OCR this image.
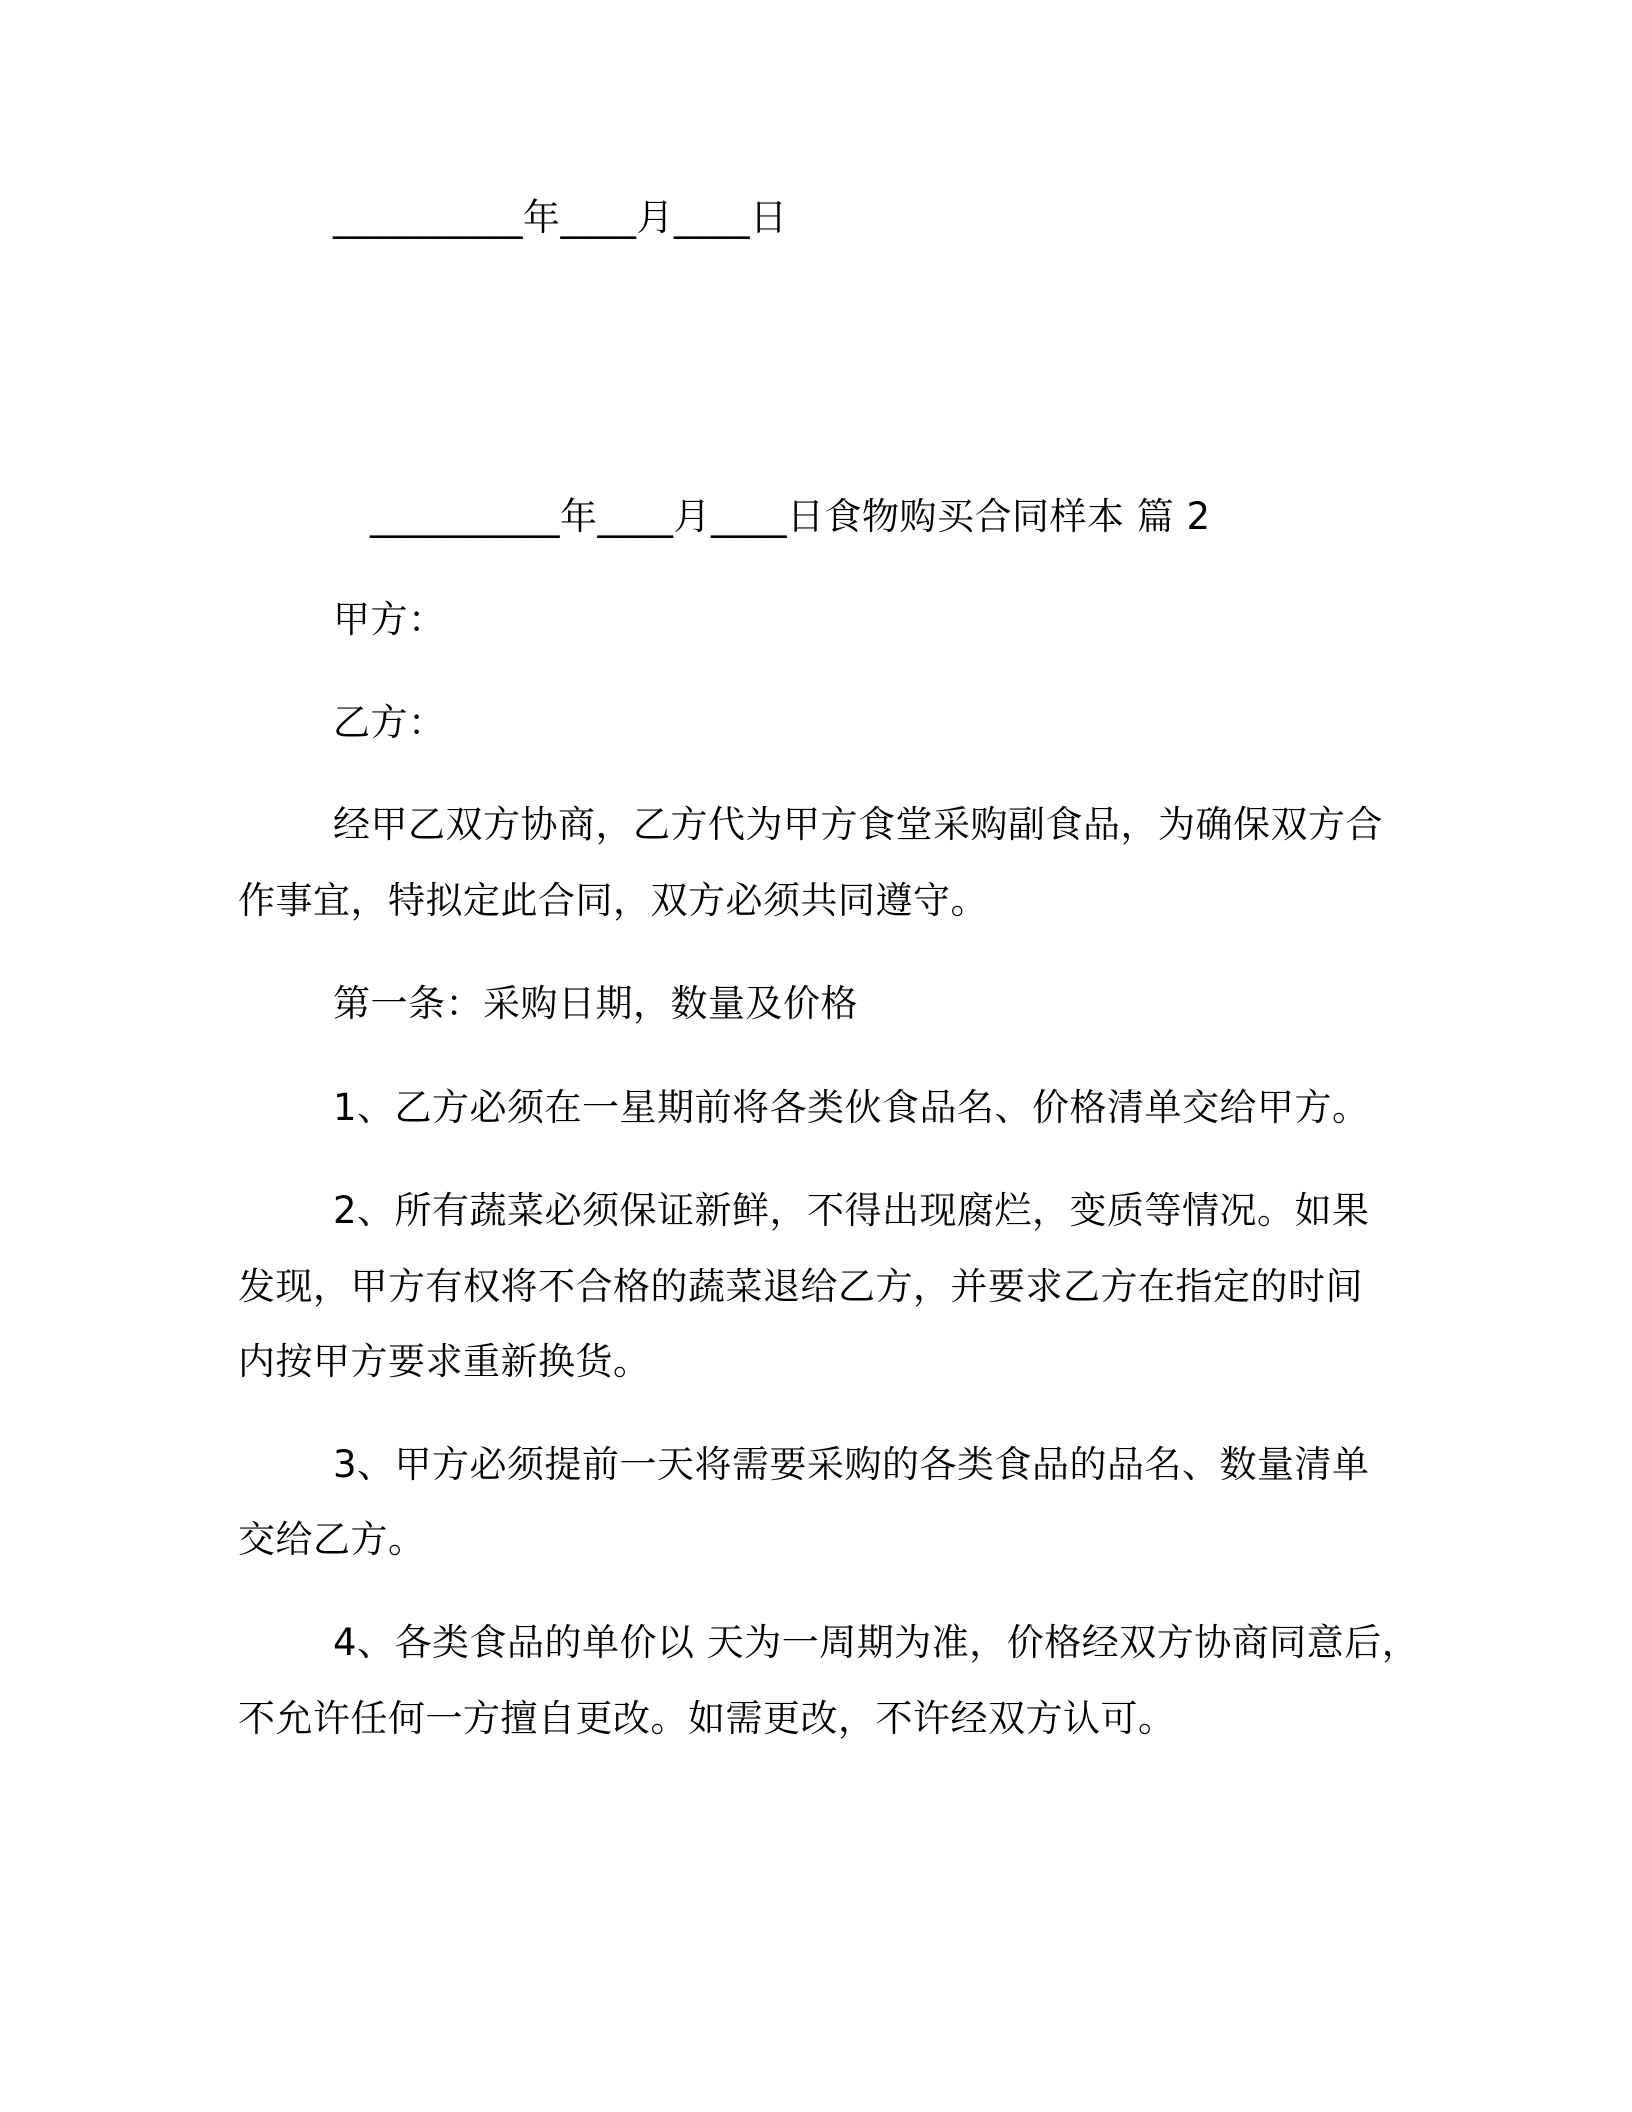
__________年____月____日
__________年____月____日食物购买合同样本 篇 2
甲方：
乙方：
经甲乙双方协商，乙方代为甲方食堂采购副食品，为确保双方合
作事宜，特拟定此合同，双方必须共同遵守。
第一条：采购日期，数量及价格
1、乙方必须在一星期前将各类伙食品名、价格清单交给甲方。
2、所有蔬菜必须保证新鲜，不得出现腐烂，变质等情况。如果
发现，甲方有权将不合格的蔬菜退给乙方，并要求乙方在指定的时间
内按甲方要求重新换货。
3、甲方必须提前一天将需要采购的各类食品的品名、数量清单
交给乙方。
4、各类食品的单价以 天为一周期为准，价格经双方协商同意后，
不允许任何一方擅自更改。如需更改，不许经双方认可。
